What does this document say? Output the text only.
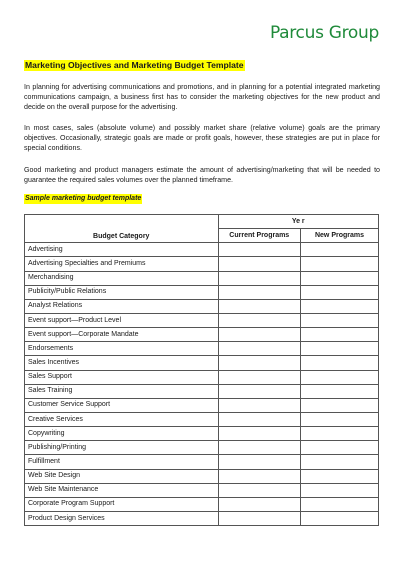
Parcus Group
Marketing Objectives and Marketing Budget Template
In planning for advertising communications and promotions, and in planning for a potential integrated marketing communications campaign, a business first has to consider the marketing objectives for the new product and decide on the overall purpose for the advertising.
In most cases, sales (absolute volume) and possibly market share (relative volume) goals are the primary objectives. Occasionally, strategic goals are made or profit goals, however, these strategies are put in place for special conditions.
Good marketing and product managers estimate the amount of advertising/marketing that will be needed to guarantee the required sales volumes over the planned timeframe.
Sample marketing budget template
Budget Category	Ye r	
	Current Programs	New Programs
Advertising		
Advertising Specialties and Premiums		
Merchandising		
Publicity/Public Relations		
Analyst Relations		
Event support—Product Level		
Event support—Corporate Mandate		
Endorsements		
Sales Incentives		
Sales Support		
Sales Training		
Customer Service Support		
Creative Services		
Copywriting		
Publishing/Printing		
Fulfillment		
Web Site Design		
Web Site Maintenance		
Corporate Program Support		
Product Design Services		
